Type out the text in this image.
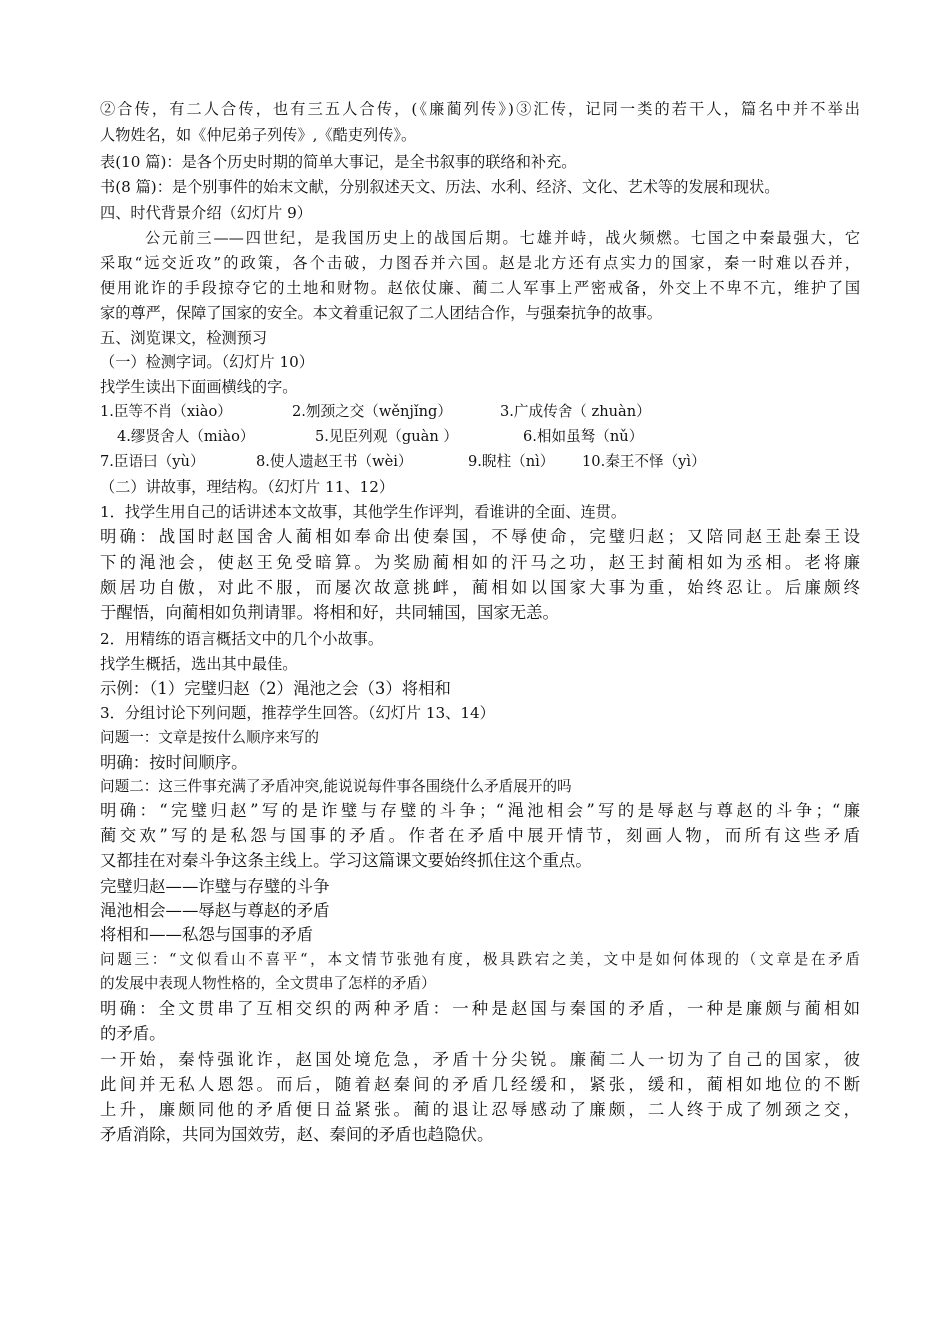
②合传，有二人合传，也有三五人合传，(《廉蔺列传》)③汇传，记同一类的若干人，篇名中并不举出
人物姓名，如《仲尼弟子列传》,《酷吏列传》。
表(10 篇)：是各个历史时期的简单大事记，是全书叙事的联络和补充。
书(8 篇)：是个别事件的始末文献，分别叙述天文、历法、水利、经济、文化、艺术等的发展和现状。
四、时代背景介绍（幻灯片 9）
公元前三——四世纪，是我国历史上的战国后期。七雄并峙，战火频燃。七国之中秦最强大，它
采取“远交近攻”的政策，各个击破，力图吞并六国。赵是北方还有点实力的国家，秦一时难以吞并，
便用讹诈的手段掠夺它的土地和财物。赵依仗廉、蔺二人军事上严密戒备，外交上不卑不亢，维护了国
家的尊严，保障了国家的安全。本文着重记叙了二人团结合作，与强秦抗争的故事。
五、浏览课文，检测预习
（一）检测字词。（幻灯片 10）
找学生读出下面画横线的字。
1.臣等不肖（xiào）	2.刎颈之交（wěnjǐng）	3.广成传舍（ zhuàn）
4.缪贤舍人（miào）	5.见臣列观（guàn ）	6.相如虽驽（nǔ）
7.臣语曰（yù）	8.使人遗赵王书（wèi）	9.睨柱（nì） 10.秦王不怿（yì）
（二）讲故事，理结构。（幻灯片 11、12）
1．找学生用自己的话讲述本文故事，其他学生作评判，看谁讲的全面、连贯。
明确：战国时赵国舍人蔺相如奉命出使秦国，不辱使命，完璧归赵；又陪同赵王赴秦王设
下的渑池会，使赵王免受暗算。为奖励蔺相如的汗马之功，赵王封蔺相如为丞相。老将廉
颇居功自傲，对此不服，而屡次故意挑衅，蔺相如以国家大事为重，始终忍让。后廉颇终
于醒悟，向蔺相如负荆请罪。将相和好，共同辅国，国家无恙。
2．用精练的语言概括文中的几个小故事。
找学生概括，选出其中最佳。
示例：（1）完璧归赵（2）渑池之会（3）将相和
3．分组讨论下列问题，推荐学生回答。（幻灯片 13、14）
问题一：文章是按什么顺序来写的
明确：按时间顺序。
问题二：这三件事充满了矛盾冲突,能说说每件事各围绕什么矛盾展开的吗
明确：“完璧归赵”写的是诈璧与存璧的斗争；“渑池相会”写的是辱赵与尊赵的斗争；“廉
蔺交欢”写的是私怨与国事的矛盾。作者在矛盾中展开情节，刻画人物，而所有这些矛盾
又都挂在对秦斗争这条主线上。学习这篇课文要始终抓住这个重点。
完璧归赵——诈璧与存璧的斗争
渑池相会——辱赵与尊赵的矛盾
将相和——私怨与国事的矛盾
问题三：“文似看山不喜平“，本文情节张弛有度，极具跌宕之美，文中是如何体现的（文章是在矛盾
的发展中表现人物性格的，全文贯串了怎样的矛盾）
明确：全文贯串了互相交织的两种矛盾：一种是赵国与秦国的矛盾，一种是廉颇与蔺相如
的矛盾。
一开始，秦恃强讹诈，赵国处境危急，矛盾十分尖锐。廉蔺二人一切为了自己的国家，彼
此间并无私人恩怨。而后，随着赵秦间的矛盾几经缓和，紧张，缓和，蔺相如地位的不断
上升，廉颇同他的矛盾便日益紧张。蔺的退让忍辱感动了廉颇，二人终于成了刎颈之交，
矛盾消除，共同为国效劳，赵、秦间的矛盾也趋隐伏。
